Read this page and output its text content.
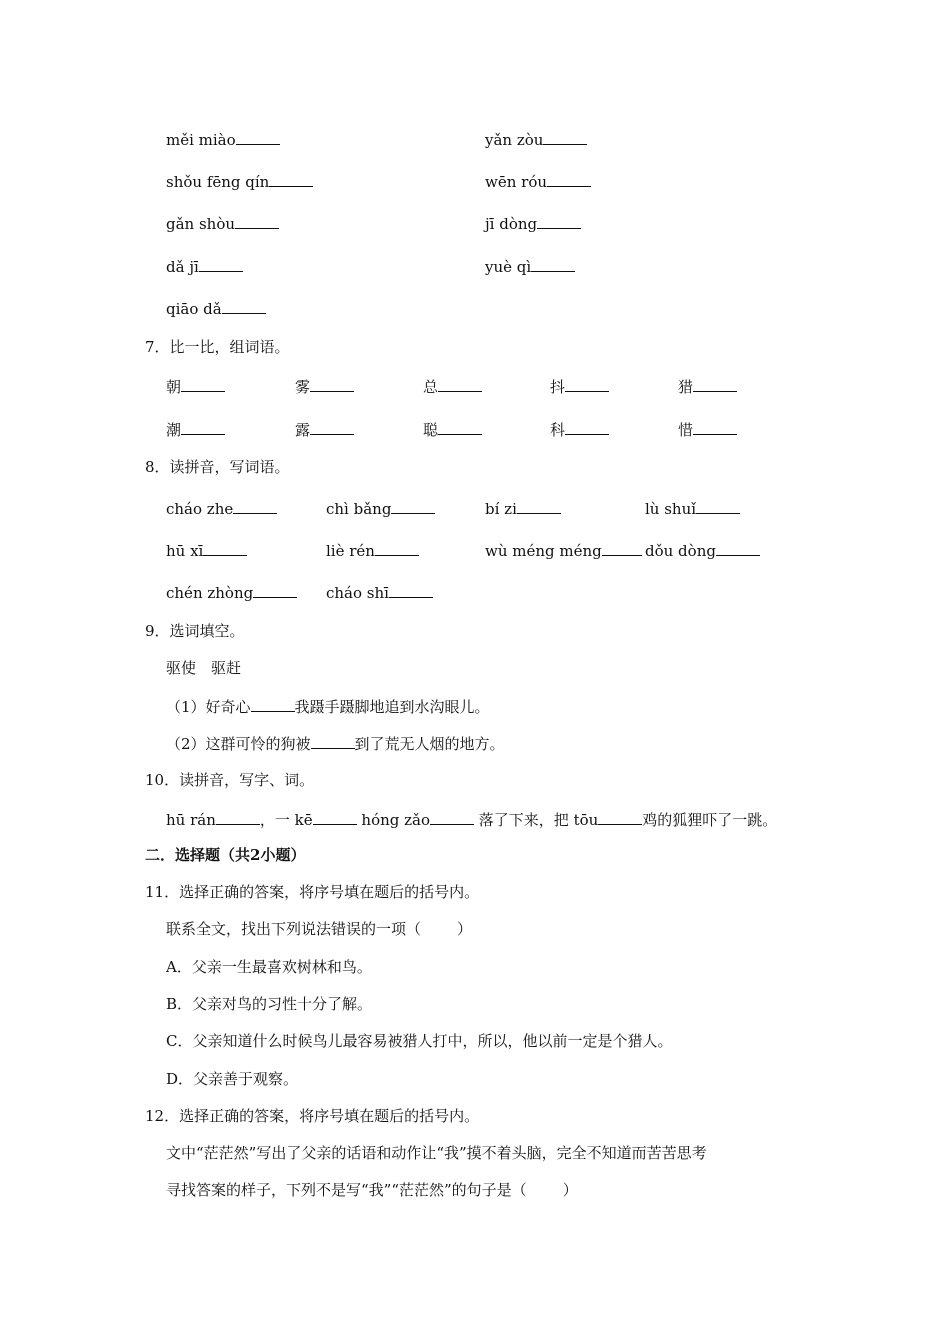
měi miào	yǎn zòu
shǒu fēng qín	wēn róu
gǎn shòu	jī dòng
dǎ jī	yuè qì
qiāo dǎ
7．比一比，组词语。
朝	雾	总	抖	猎
潮	露	聪	科	惜
8．读拼音，写词语。
cháo zhe	chì bǎng	bí zi	lù shuǐ
hū xī	liè rén	wù méng méng	dǒu dòng
chén zhòng	cháo shī
9．选词填空。
驱使　驱赶
（1）好奇心	我蹑手蹑脚地追到水沟眼儿。
（2）这群可怜的狗被	到了荒无人烟的地方。
10．读拼音，写字、词。
hū rán	，一 kē	hóng zǎo	落了下来，把 tōu	鸡的狐狸吓了一跳。
二．选择题（共2小题）
11．选择正确的答案，将序号填在题后的括号内。
联系全文，找出下列说法错误的一项（ ）
A．父亲一生最喜欢树林和鸟。
B．父亲对鸟的习性十分了解。
C．父亲知道什么时候鸟儿最容易被猎人打中，所以，他以前一定是个猎人。
D．父亲善于观察。
12．选择正确的答案，将序号填在题后的括号内。
文中“茫茫然”写出了父亲的话语和动作让“我”摸不着头脑，完全不知道而苦苦思考
寻找答案的样子，下列不是写“我”“茫茫然”的句子是（ ）
